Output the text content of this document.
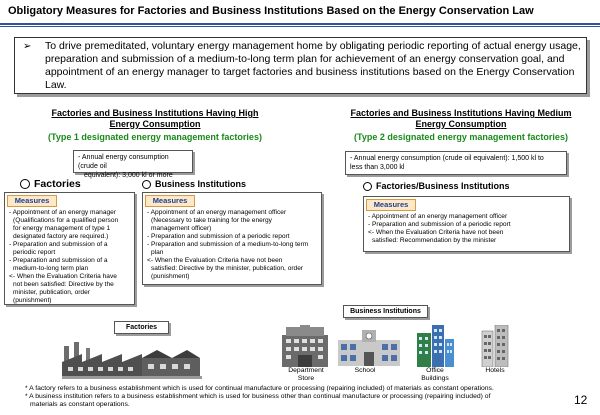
Obligatory Measures for Factories and Business Institutions Based on the Energy Conservation Law
➢ To drive premeditated, voluntary energy management home by obligating periodic reporting of actual energy usage, preparation and submission of a medium-to-long term plan for achievement of an energy conservation goal, and appointment of an energy manager to target factories and business institutions based on the Energy Conservation Law.
Factories and Business Institutions Having High
Energy Consumption
(Type 1 designated energy management factories)
Factories and Business Institutions Having Medium
Energy Consumption
(Type 2 designated energy management factories)
- Annual energy consumption (crude oil
equivalent): 3,000 kl or more
- Annual energy consumption (crude oil equivalent): 1,500 kl to
less than 3,000 kl
Factories	Business Institutions	Factories/Business Institutions
Measures
- Appointment of an energy manager
(Qualifications for a qualified person
for energy management of type 1
designated factory are required.)
- Preparation and submission of a
periodic report
- Preparation and submission of a
medium-to-long term plan
<- When the Evaluation Criteria have
not been satisfied: Directive by the
minister, publication, order
(punishment)
Measures
- Appointment of an energy management officer
(Necessary to take training for the energy
management officer)
- Preparation and submission of a periodic report
- Preparation and submission of a medium-to-long term
plan
<- When the Evaluation Criteria have not been
satisfied: Directive by the minister, publication, order
(punishment)
Measures
- Appointment of an energy management officer
- Preparation and submission of a periodic report
<- When the Evaluation Criteria have not been
satisfied: Recommendation by the minister
Factories
Business Institutions
Department
Store
School	Office
Buildings
Hotels
* A factory refers to a business establishment which is used for continual manufacture or processing (repairing included) of materials as constant operations.
* A business institution refers to a business establishment which is used for business other than continual manufacture or processing (repairing included) of
materials as constant operations.	12
